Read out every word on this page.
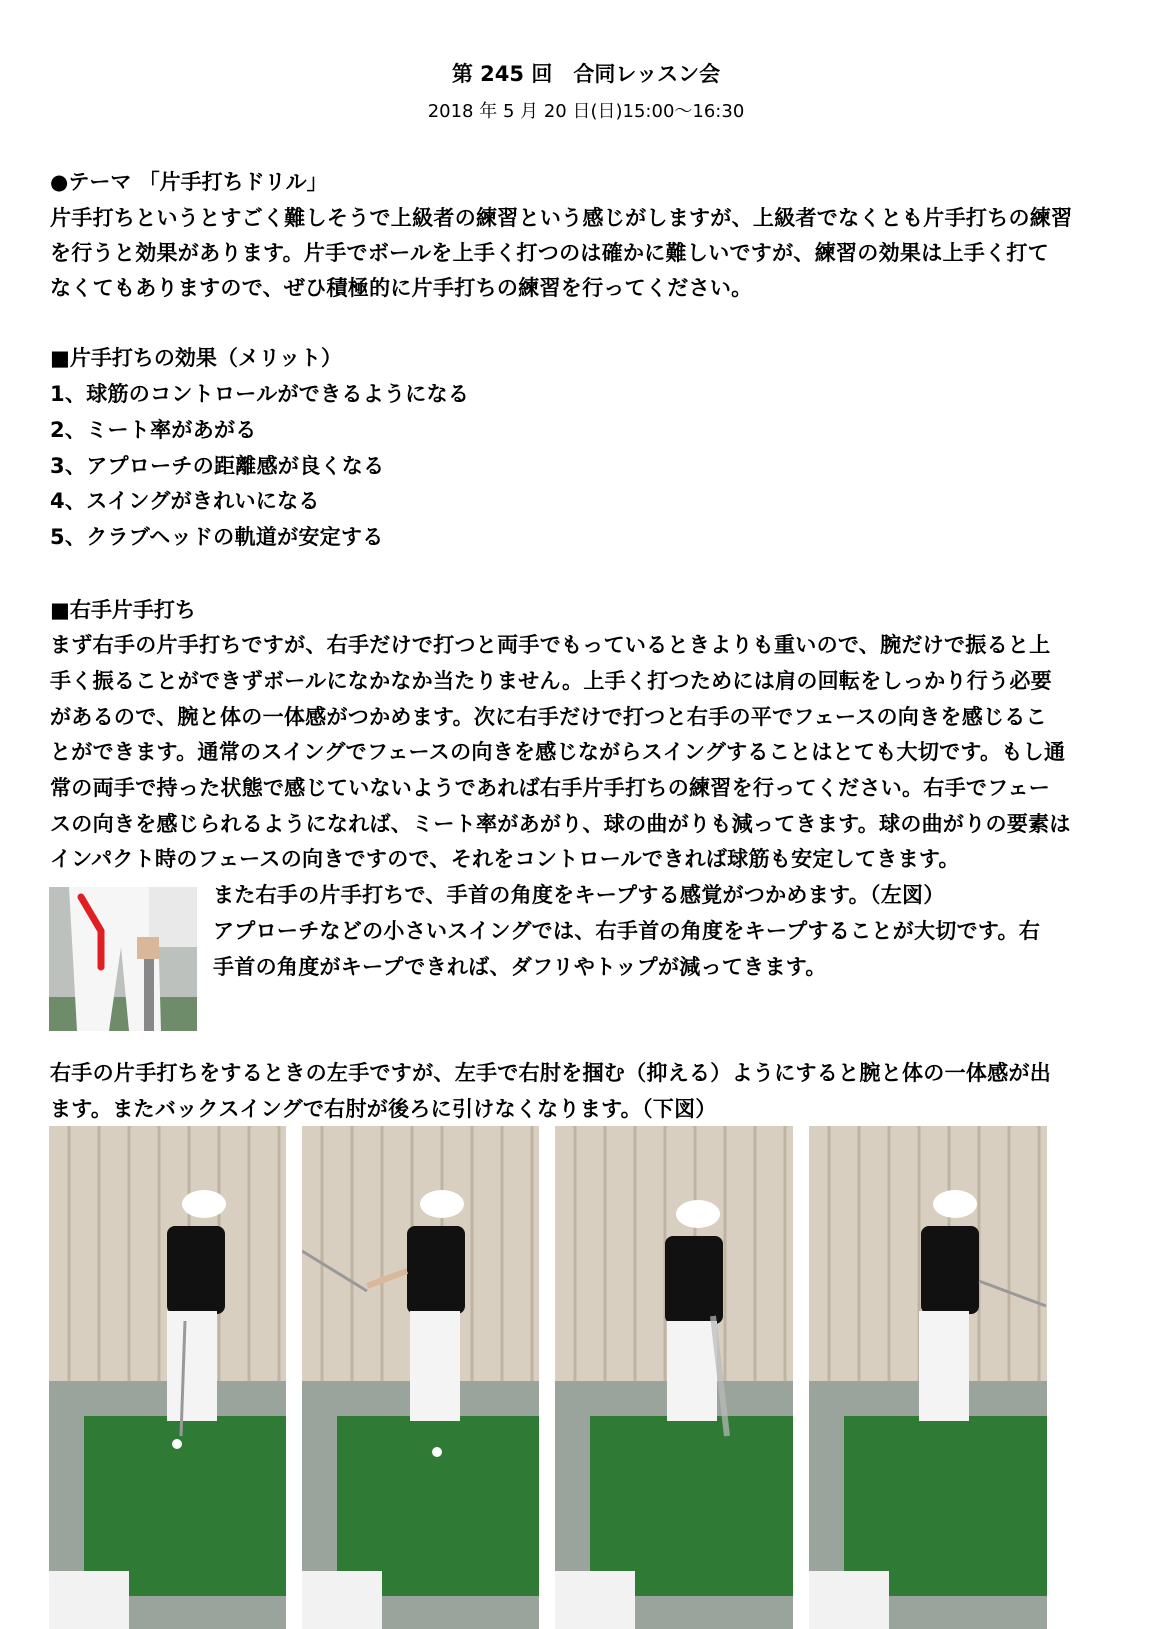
第 245 回　合同レッスン会
2018 年 5 月 20 日(日)15:00～16:30
●テーマ 「片手打ちドリル」
片手打ちというとすごく難しそうで上級者の練習という感じがしますが、上級者でなくとも片手打ちの練習
を行うと効果があります。片手でボールを上手く打つのは確かに難しいですが、練習の効果は上手く打て
なくてもありますので、ぜひ積極的に片手打ちの練習を行ってください。
■片手打ちの効果（メリット）
1、球筋のコントロールができるようになる
2、ミート率があがる
3、アプローチの距離感が良くなる
4、スイングがきれいになる
5、クラブヘッドの軌道が安定する
■右手片手打ち
まず右手の片手打ちですが、右手だけで打つと両手でもっているときよりも重いので、腕だけで振ると上
手く振ることができずボールになかなか当たりません。上手く打つためには肩の回転をしっかり行う必要
があるので、腕と体の一体感がつかめます。次に右手だけで打つと右手の平でフェースの向きを感じるこ
とができます。通常のスイングでフェースの向きを感じながらスイングすることはとても大切です。もし通
常の両手で持った状態で感じていないようであれば右手片手打ちの練習を行ってください。右手でフェー
スの向きを感じられるようになれば、ミート率があがり、球の曲がりも減ってきます。球の曲がりの要素は
インパクト時のフェースの向きですので、それをコントロールできれば球筋も安定してきます。
また右手の片手打ちで、手首の角度をキープする感覚がつかめます。（左図）
アプローチなどの小さいスイングでは、右手首の角度をキープすることが大切です。右
手首の角度がキープできれば、ダフリやトップが減ってきます。
右手の片手打ちをするときの左手ですが、左手で右肘を掴む（抑える）ようにすると腕と体の一体感が出
ます。またバックスイングで右肘が後ろに引けなくなります。（下図）
